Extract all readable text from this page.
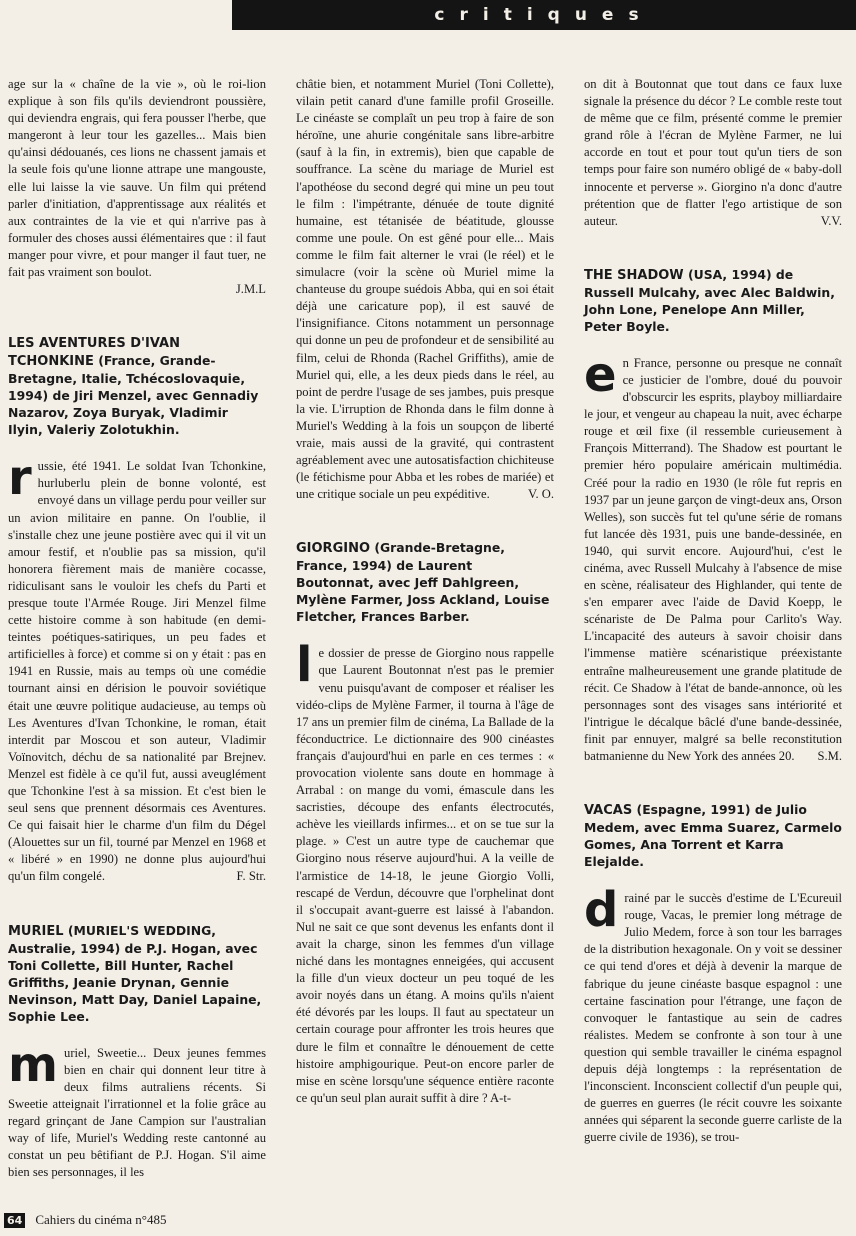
critiques

age sur la « chaîne de la vie », où le roi-lion explique à son fils qu'ils deviendront poussière, qui deviendra engrais, qui fera pousser l'herbe, que mangeront à leur tour les gazelles... Mais bien qu'ainsi dédouanés, ces lions ne chassent jamais et la seule fois qu'une lionne attrape une mangouste, elle lui laisse la vie sauve. Un film qui prétend parler d'initiation, d'apprentissage aux réalités et aux contraintes de la vie et qui n'arrive pas à formuler des choses aussi élémentaires que : il faut manger pour vivre, et pour manger il faut tuer, ne fait pas vraiment son boulot.

J.M.L

LES AVENTURES D'IVAN TCHONKINE (France, Grande-Bretagne, Italie, Tchécoslovaquie, 1994) de Jiri Menzel, avec Gennadiy Nazarov, Zoya Buryak, Vladimir Ilyin, Valeriy Zolotukhin.

russie, été 1941. Le soldat Ivan Tchonkine, hurluberlu plein de bonne volonté, est envoyé dans un village perdu pour veiller sur un avion militaire en panne. On l'oublie, il s'installe chez une jeune postière avec qui il vit un amour festif, et n'oublie pas sa mission, qu'il honorera fièrement mais de manière cocasse, ridiculisant sans le vouloir les chefs du Parti et presque toute l'Armée Rouge. Jiri Menzel filme cette histoire comme à son habitude (en demi-teintes poétiques-satiriques, un peu fades et artificielles à force) et comme si on y était : pas en 1941 en Russie, mais au temps où une comédie tournant ainsi en dérision le pouvoir soviétique était une œuvre politique audacieuse, au temps où Les Aventures d'Ivan Tchonkine, le roman, était interdit par Moscou et son auteur, Vladimir Voïnovitch, déchu de sa nationalité par Brejnev. Menzel est fidèle à ce qu'il fut, aussi aveuglément que Tchonkine l'est à sa mission. Et c'est bien le seul sens que prennent désormais ces Aventures. Ce qui faisait hier le charme d'un film du Dégel (Alouettes sur un fil, tourné par Menzel en 1968 et « libéré » en 1990) ne donne plus aujourd'hui qu'un film congelé.	F. Str.

MURIEL (MURIEL'S WEDDING, Australie, 1994) de P.J. Hogan, avec Toni Collette, Bill Hunter, Rachel Griffiths, Jeanie Drynan, Gennie Nevinson, Matt Day, Daniel Lapaine, Sophie Lee.

muriel, Sweetie... Deux jeunes femmes bien en chair qui donnent leur titre à deux films autraliens récents. Si Sweetie atteignait l'irrationnel et la folie grâce au regard grinçant de Jane Campion sur l'australian way of life, Muriel's Wedding reste cantonné au constat un peu bêtifiant de P.J. Hogan. S'il aime bien ses personnages, il les

châtie bien, et notamment Muriel (Toni Collette), vilain petit canard d'une famille profil Groseille. Le cinéaste se complaît un peu trop à faire de son héroïne, une ahurie congénitale sans libre-arbitre (sauf à la fin, in extremis), bien que capable de souffrance. La scène du mariage de Muriel est l'apothéose du second degré qui mine un peu tout le film : l'impétrante, dénuée de toute dignité humaine, est tétanisée de béatitude, glousse comme une poule. On est gêné pour elle... Mais comme le film fait alterner le vrai (le réel) et le simulacre (voir la scène où Muriel mime la chanteuse du groupe suédois Abba, qui en soi était déjà une caricature pop), il est sauvé de l'insignifiance. Citons notamment un personnage qui donne un peu de profondeur et de sensibilité au film, celui de Rhonda (Rachel Griffiths), amie de Muriel qui, elle, a les deux pieds dans le réel, au point de perdre l'usage de ses jambes, puis presque la vie. L'irruption de Rhonda dans le film donne à Muriel's Wedding à la fois un soupçon de liberté vraie, mais aussi de la gravité, qui contrastent agréablement avec une autosatisfaction chichiteuse (le fétichisme pour Abba et les robes de mariée) et une critique sociale un peu expéditive.	V. O.

GIORGINO (Grande-Bretagne, France, 1994) de Laurent Boutonnat, avec Jeff Dahlgreen, Mylène Farmer, Joss Ackland, Louise Fletcher, Frances Barber.

le dossier de presse de Giorgino nous rappelle que Laurent Boutonnat n'est pas le premier venu puisqu'avant de composer et réaliser les vidéo-clips de Mylène Farmer, il tourna à l'âge de 17 ans un premier film de cinéma, La Ballade de la féconductrice. Le dictionnaire des 900 cinéastes français d'aujourd'hui en parle en ces termes : « provocation violente sans doute en hommage à Arrabal : on mange du vomi, émascule dans les sacristies, découpe des enfants électrocutés, achève les vieillards infirmes... et on se tue sur la plage. » C'est un autre type de cauchemar que Giorgino nous réserve aujourd'hui. A la veille de l'armistice de 14-18, le jeune Giorgio Volli, rescapé de Verdun, découvre que l'orphelinat dont il s'occupait avant-guerre est laissé à l'abandon. Nul ne sait ce que sont devenus les enfants dont il avait la charge, sinon les femmes d'un village niché dans les montagnes enneigées, qui accusent la fille d'un vieux docteur un peu toqué de les avoir noyés dans un étang. A moins qu'ils n'aient été dévorés par les loups. Il faut au spectateur un certain courage pour affronter les trois heures que dure le film et connaître le dénouement de cette histoire amphigourique. Peut-on encore parler de mise en scène lorsqu'une séquence entière raconte ce qu'un seul plan aurait suffit à dire ? A-t-

on dit à Boutonnat que tout dans ce faux luxe signale la présence du décor ? Le comble reste tout de même que ce film, présenté comme le premier grand rôle à l'écran de Mylène Farmer, ne lui accorde en tout et pour tout qu'un tiers de son temps pour faire son numéro obligé de « baby-doll innocente et perverse ». Giorgino n'a donc d'autre prétention que de flatter l'ego artistique de son auteur.	V.V.

THE SHADOW (USA, 1994) de Russell Mulcahy, avec Alec Baldwin, John Lone, Penelope Ann Miller, Peter Boyle.

en France, personne ou presque ne connaît ce justicier de l'ombre, doué du pouvoir d'obscurcir les esprits, playboy milliardaire le jour, et vengeur au chapeau la nuit, avec écharpe rouge et œil fixe (il ressemble curieusement à François Mitterrand). The Shadow est pourtant le premier héro populaire américain multimédia. Créé pour la radio en 1930 (le rôle fut repris en 1937 par un jeune garçon de vingt-deux ans, Orson Welles), son succès fut tel qu'une série de romans fut lancée dès 1931, puis une bande-dessinée, en 1940, qui survit encore. Aujourd'hui, c'est le cinéma, avec Russell Mulcahy à l'absence de mise en scène, réalisateur des Highlander, qui tente de s'en emparer avec l'aide de David Koepp, le scénariste de De Palma pour Carlito's Way. L'incapacité des auteurs à savoir choisir dans l'immense matière scénaristique préexistante entraîne malheureusement une grande platitude de récit. Ce Shadow à l'état de bande-annonce, où les personnages sont des visages sans intériorité et l'intrigue le décalque bâclé d'une bande-dessinée, finit par ennuyer, malgré sa belle reconstitution batmanienne du New York des années 20. S.M.

VACAS (Espagne, 1991) de Julio Medem, avec Emma Suarez, Carmelo Gomes, Ana Torrent et Karra Elejalde.

drainé par le succès d'estime de L'Ecureuil rouge, Vacas, le premier long métrage de Julio Medem, force à son tour les barrages de la distribution hexagonale. On y voit se dessiner ce qui tend d'ores et déjà à devenir la marque de fabrique du jeune cinéaste basque espagnol : une certaine fascination pour l'étrange, une façon de convoquer le fantastique au sein de cadres réalistes. Medem se confronte à son tour à une question qui semble travailler le cinéma espagnol depuis déjà longtemps : la représentation de l'inconscient. Inconscient collectif d'un peuple qui, de guerres en guerres (le récit couvre les soixante années qui séparent la seconde guerre carliste de la guerre civile de 1936), se trou-

64 Cahiers du cinéma n°485
